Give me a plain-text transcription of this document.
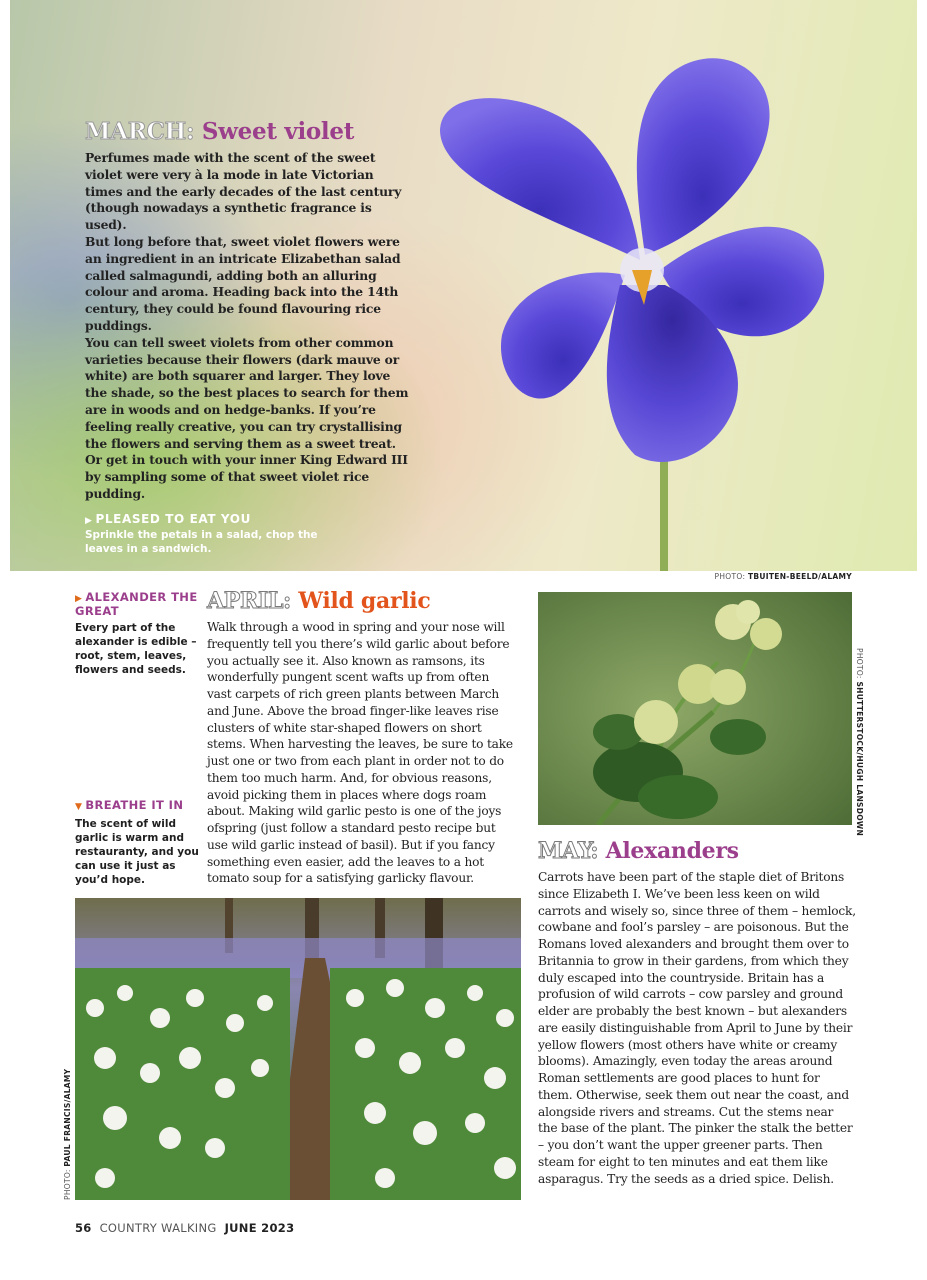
MARCH: Sweet violet

Perfumes made with the scent of the sweet violet were very à la mode in late Victorian times and the early decades of the last century (though nowadays a synthetic fragrance is used).

But long before that, sweet violet flowers were an ingredient in an intricate Elizabethan salad called salmagundi, adding both an alluring colour and aroma. Heading back into the 14th century, they could be found flavouring rice puddings.

You can tell sweet violets from other common varieties because their flowers (dark mauve or white) are both squarer and larger. They love the shade, so the best places to search for them are in woods and on hedge-banks. If you’re feeling really creative, you can try crystallising the flowers and serving them as a sweet treat. Or get in touch with your inner King Edward III by sampling some of that sweet violet rice pudding.

▶ PLEASED TO EAT YOU
Sprinkle the petals in a salad, chop the leaves in a sandwich.
PHOTO: TBUITEN-BEELD/ALAMY
▶ ALEXANDER THE GREAT
Every part of the alexander is edible – root, stem, leaves, flowers and seeds.
▼ BREATHE IT IN
The scent of wild garlic is warm and restauranty, and you can use it just as you’d hope.
APRIL: Wild garlic

Walk through a wood in spring and your nose will frequently tell you there’s wild garlic about before you actually see it. Also known as ramsons, its wonderfully pungent scent wafts up from often vast carpets of rich green plants between March and June. Above the broad finger-like leaves rise clusters of white star-shaped flowers on short stems. When harvesting the leaves, be sure to take just one or two from each plant in order not to do them too much harm. And, for obvious reasons, avoid picking them in places where dogs roam about. Making wild garlic pesto is one of the joys ofspring (just follow a standard pesto recipe but use wild garlic instead of basil). But if you fancy something even easier, add the leaves to a hot tomato soup for a satisfying garlicky flavour.

PHOTO: SHUTTERSTOCK/HUGH LANSDOWN
MAY: Alexanders

Carrots have been part of the staple diet of Britons since Elizabeth I. We’ve been less keen on wild carrots and wisely so, since three of them – hemlock, cowbane and fool’s parsley – are poisonous. But the Romans loved alexanders and brought them over to Britannia to grow in their gardens, from which they duly escaped into the countryside. Britain has a profusion of wild carrots – cow parsley and ground elder are probably the best known – but alexanders are easily distinguishable from April to June by their yellow flowers (most others have white or creamy blooms). Amazingly, even today the areas around Roman settlements are good places to hunt for them. Otherwise, seek them out near the coast, and alongside rivers and streams. Cut the stems near the base of the plant. The pinker the stalk the better – you don’t want the upper greener parts. Then steam for eight to ten minutes and eat them like asparagus. Try the seeds as a dried spice. Delish.

PHOTO: PAUL FRANCIS/ALAMY
56 COUNTRY WALKING JUNE 2023
